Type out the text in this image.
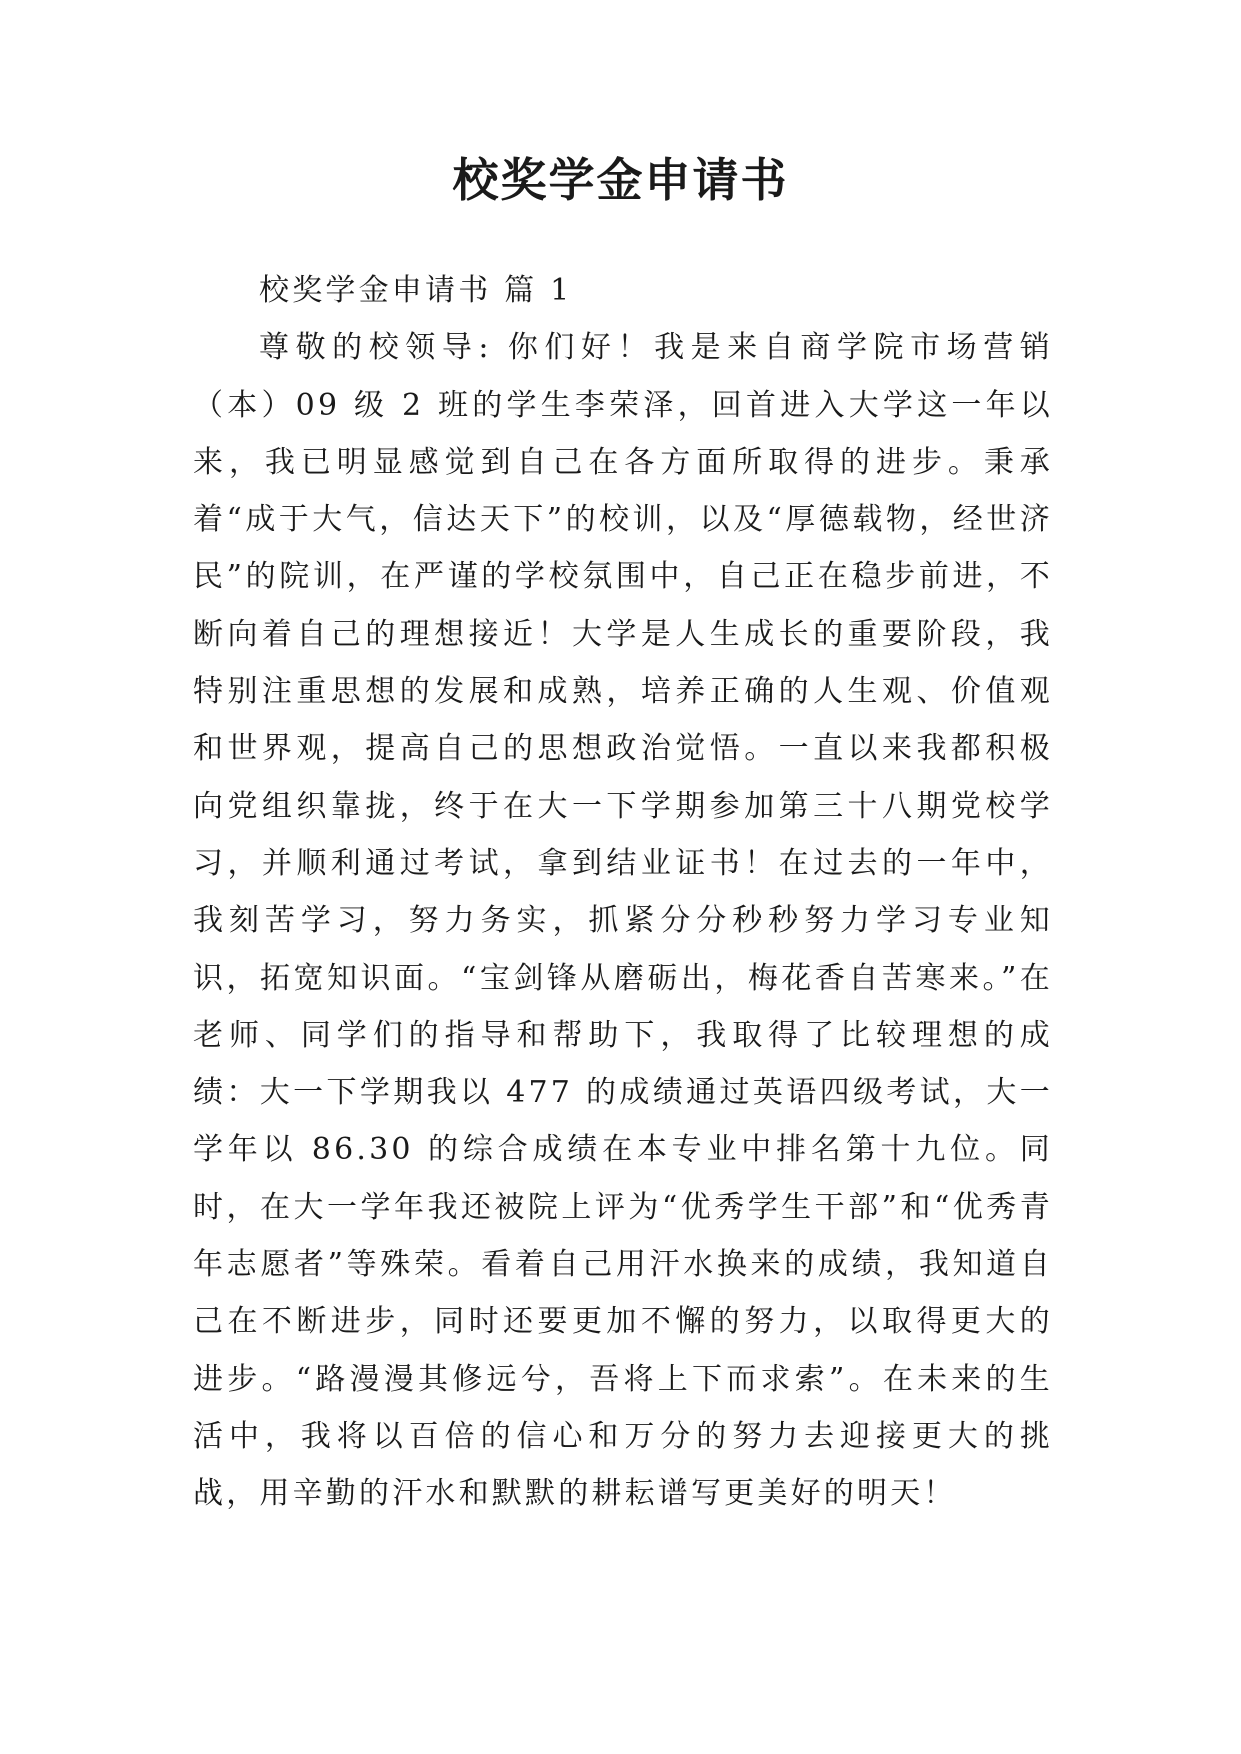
校奖学金申请书

校奖学金申请书 篇 1

尊敬的校领导: 你们好！我是来自商学院市场营销（本）09 级 2 班的学生李荣泽，回首进入大学这一年以来，我已明显感觉到自己在各方面所取得的进步。秉承着“成于大气，信达天下”的校训，以及“厚德载物，经世济民”的院训，在严谨的学校氛围中，自己正在稳步前进，不断向着自己的理想接近！大学是人生成长的重要阶段，我特别注重思想的发展和成熟，培养正确的人生观、价值观和世界观，提高自己的思想政治觉悟。一直以来我都积极向党组织靠拢，终于在大一下学期参加第三十八期党校学习，并顺利通过考试，拿到结业证书！在过去的一年中，我刻苦学习，努力务实，抓紧分分秒秒努力学习专业知识，拓宽知识面。“宝剑锋从磨砺出，梅花香自苦寒来。”在老师、同学们的指导和帮助下，我取得了比较理想的成绩：大一下学期我以 477 的成绩通过英语四级考试，大一学年以 86.30 的综合成绩在本专业中排名第十九位。同时，在大一学年我还被院上评为“优秀学生干部”和“优秀青年志愿者”等殊荣。看着自己用汗水换来的成绩，我知道自己在不断进步，同时还要更加不懈的努力，以取得更大的进步。“路漫漫其修远兮，吾将上下而求索”。在未来的生活中，我将以百倍的信心和万分的努力去迎接更大的挑战，用辛勤的汗水和默默的耕耘谱写更美好的明天！
